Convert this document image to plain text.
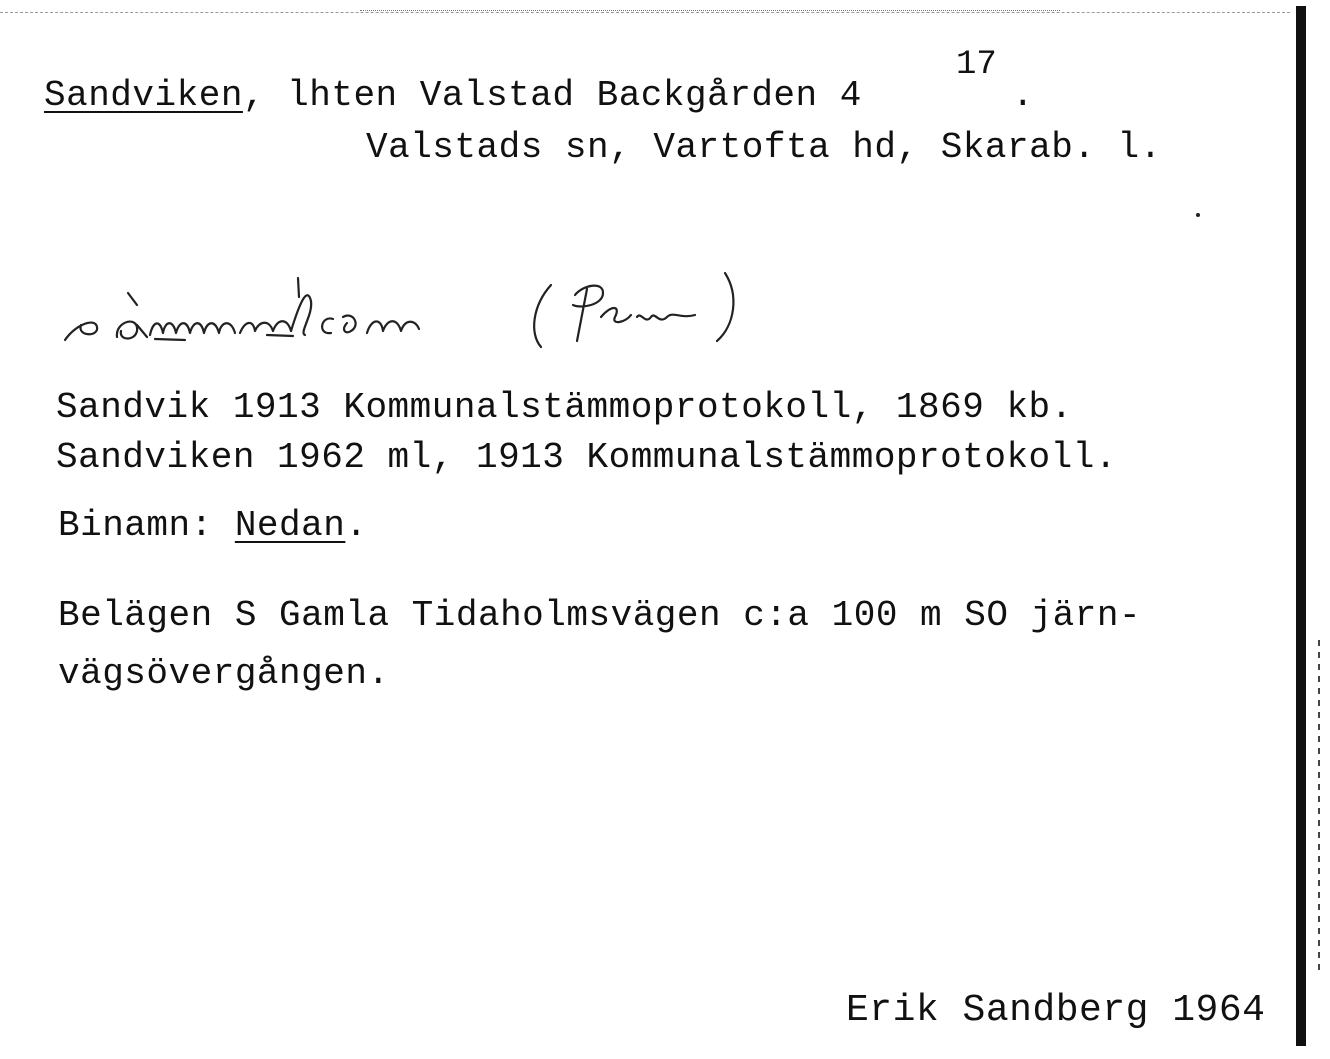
Sandviken, lhten Valstad Backgården 4
17
.
Valstads sn, Vartofta hd, Skarab. l.
Sandvik 1913 Kommunalstämmoprotokoll, 1869 kb.
Sandviken 1962 ml, 1913 Kommunalstämmoprotokoll.
Binamn: Nedan.
Belägen S Gamla Tidaholmsvägen c:a 100 m SO järn-
vägsövergången.
Erik Sandberg 1964
